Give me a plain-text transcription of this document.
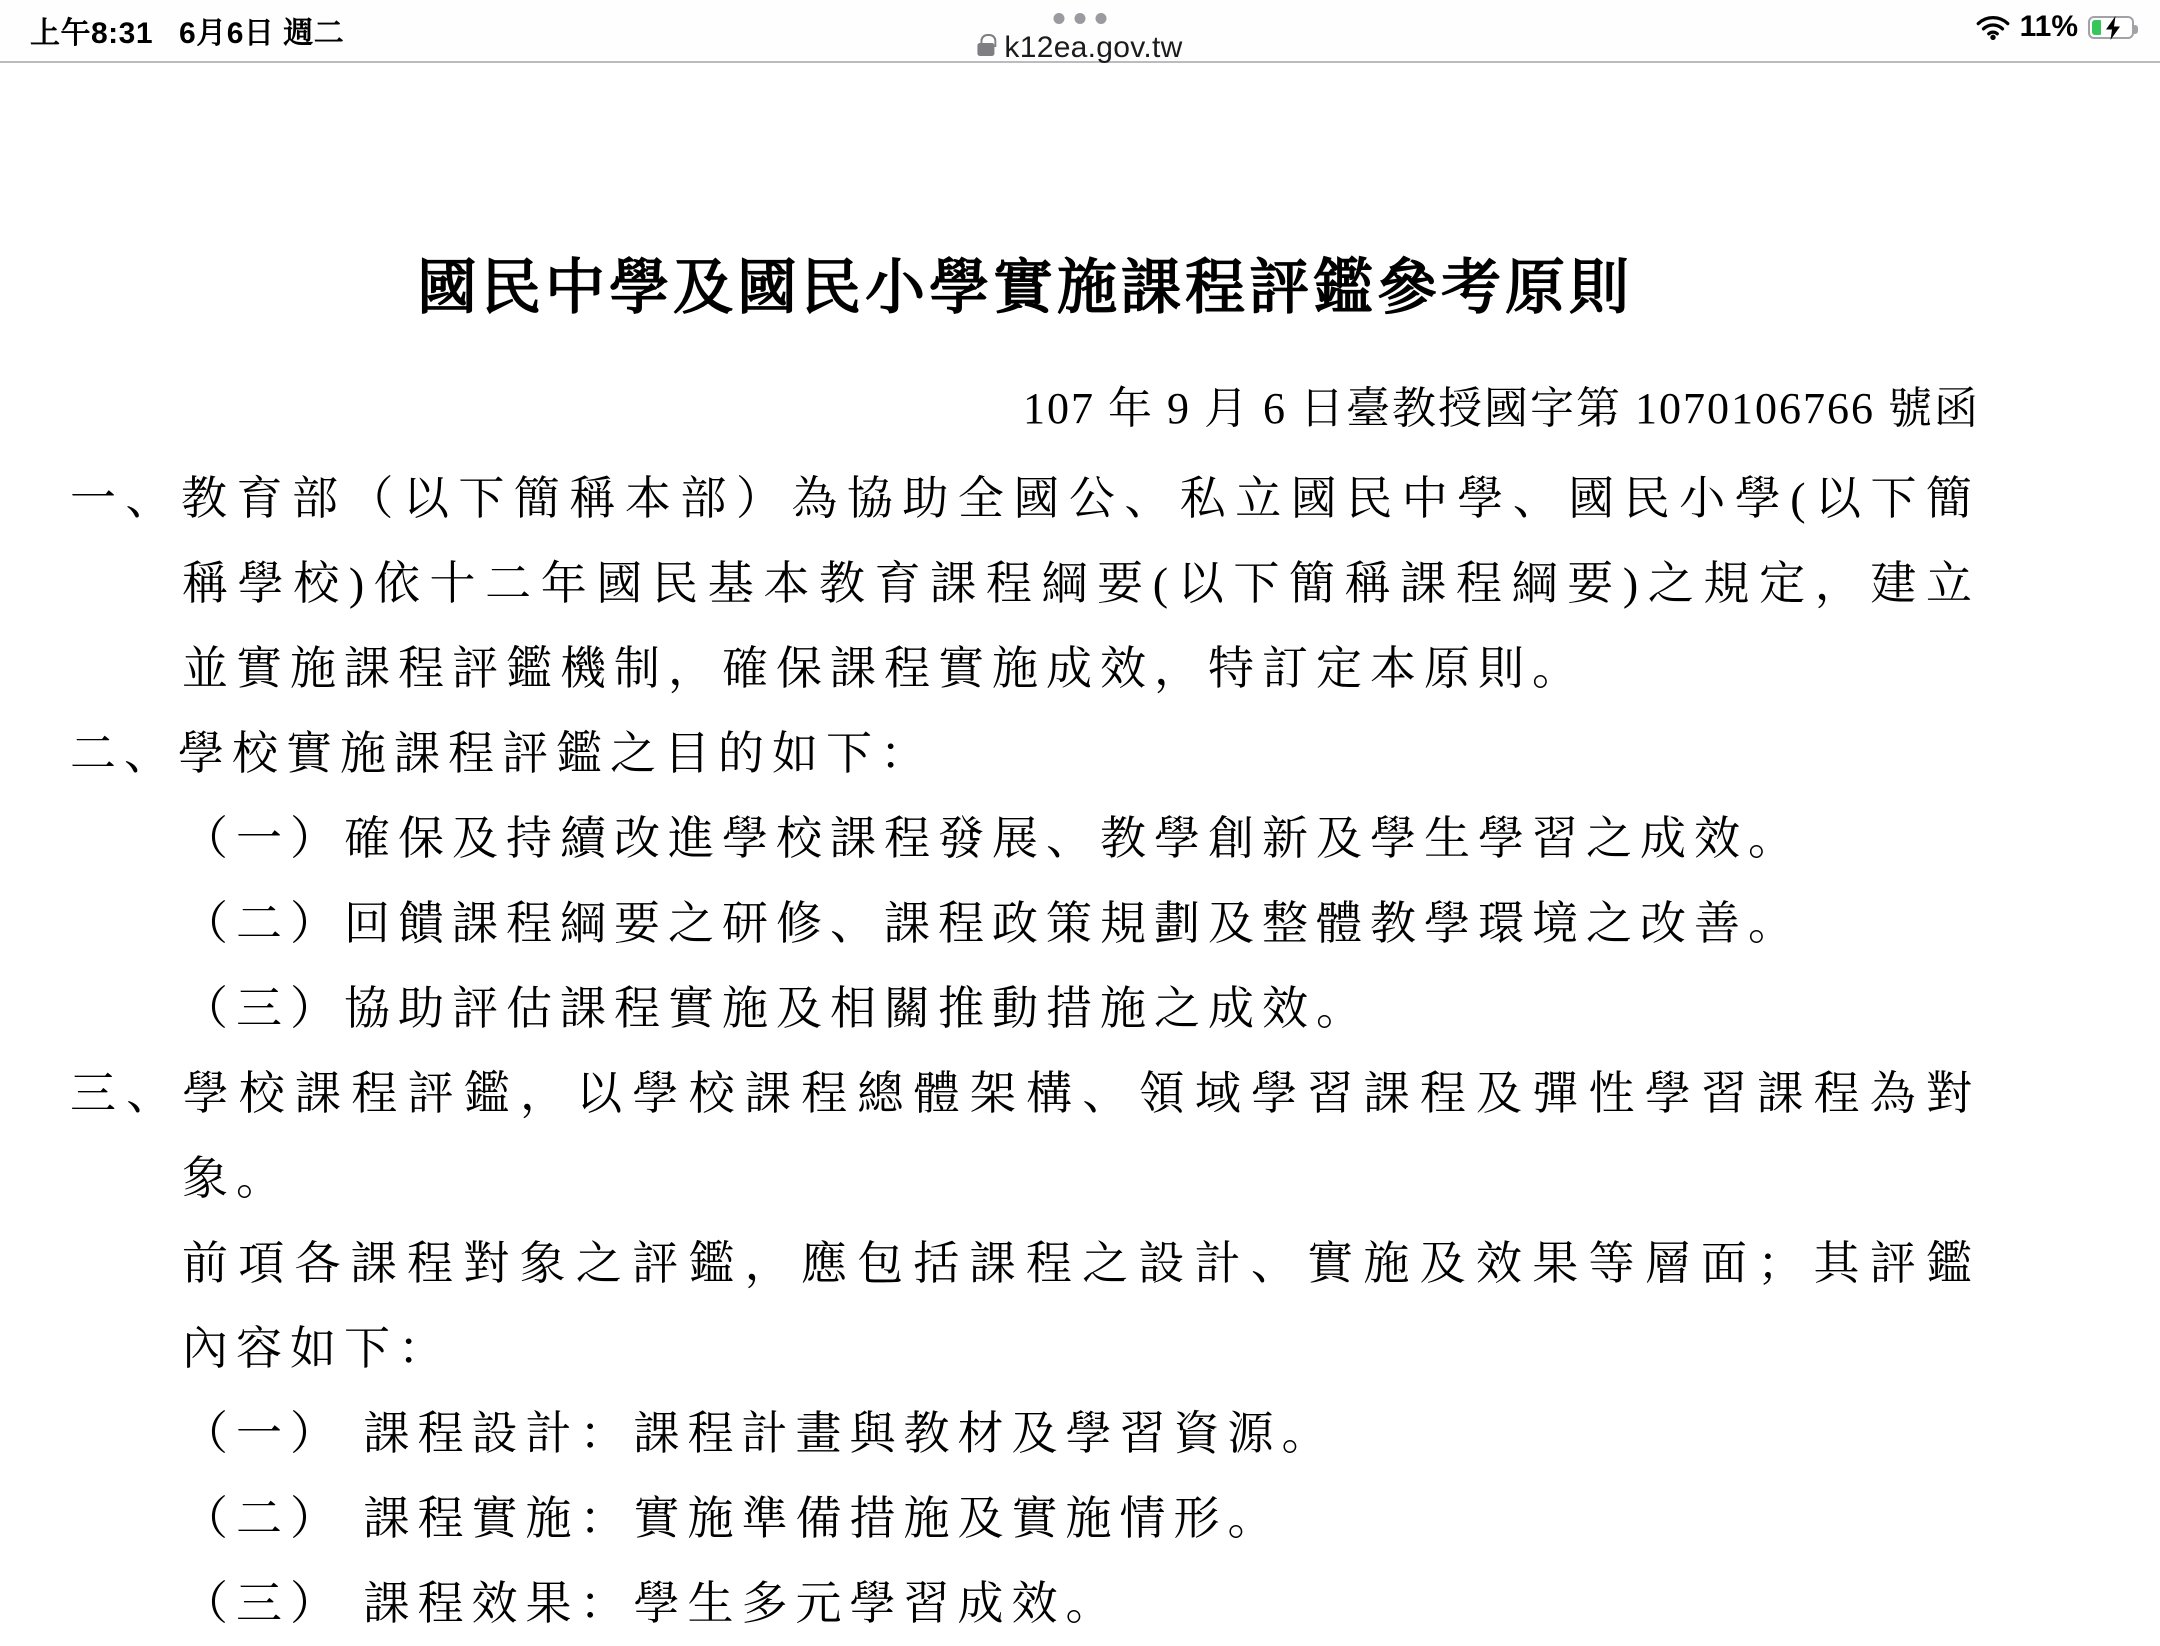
上午8:31 6月6日 週二	k12ea.gov.tw
11%
國民中學及國民小學實施課程評鑑參考原則
107 年 9 月 6 日臺教授國字第 1070106766 號函
一、教育部（以下簡稱本部）為協助全國公、私立國民中學、國民小學(以下簡
稱學校)依十二年國民基本教育課程綱要(以下簡稱課程綱要)之規定，建立
並實施課程評鑑機制，確保課程實施成效，特訂定本原則。
二、學校實施課程評鑑之目的如下：
（一）確保及持續改進學校課程發展、教學創新及學生學習之成效。
（二）回饋課程綱要之研修、課程政策規劃及整體教學環境之改善。
（三）協助評估課程實施及相關推動措施之成效。
三、學校課程評鑑，以學校課程總體架構、領域學習課程及彈性學習課程為對
象。
前項各課程對象之評鑑，應包括課程之設計、實施及效果等層面；其評鑑
內容如下：
（一） 課程設計：課程計畫與教材及學習資源。
（二） 課程實施：實施準備措施及實施情形。
（三） 課程效果：學生多元學習成效。
